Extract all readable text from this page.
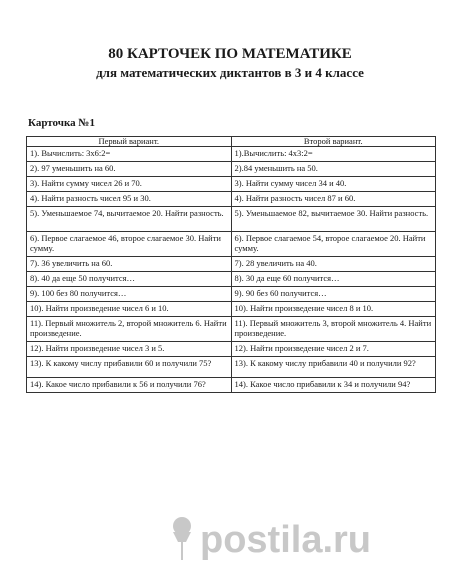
80 КАРТОЧЕК ПО МАТЕМАТИКЕ
для математических диктантов в 3 и 4 классе
Карточка №1
Первый вариант.	Второй вариант.
1). Вычислить: 3x6:2=	1).Вычислить: 4x3:2=
2). 97 уменьшить на 60.	2).84 уменьшить на 50.
3). Найти сумму чисел 26 и 70.	3). Найти сумму чисел 34 и 40.
4). Найти разность чисел 95 и 30.	4). Найти разность чисел 87 и 60.
5). Уменьшаемое 74, вычитаемое 20. Найти разность.	5). Уменьшаемое 82, вычитаемое 30. Найти разность.
6). Первое слагаемое 46, второе слагаемое 30. Найти сумму.	6). Первое слагаемое 54, второе слагаемое 20. Найти сумму.
7). 36 увеличить на 60.	7). 28 увеличить на 40.
8). 40 да еще 50 получится…	8). 30 да еще 60 получится…
9). 100 без 80 получится…	9). 90 без 60 получится…
10). Найти произведение чисел 6 и 10.	10). Найти произведение чисел 8 и 10.
11). Первый множитель 2, второй множитель 6. Найти произведение.	11). Первый множитель 3, второй множитель 4. Найти произведение.
12). Найти произведение чисел 3 и 5.	12). Найти произведение чисел 2 и 7.
13). К какому числу прибавили 60 и получили 75?	13). К какому числу прибавили 40 и получили 92?
14). Какое число прибавили к 56 и получили 76?	14). Какое число прибавили к 34 и получили 94?
postila.ru
